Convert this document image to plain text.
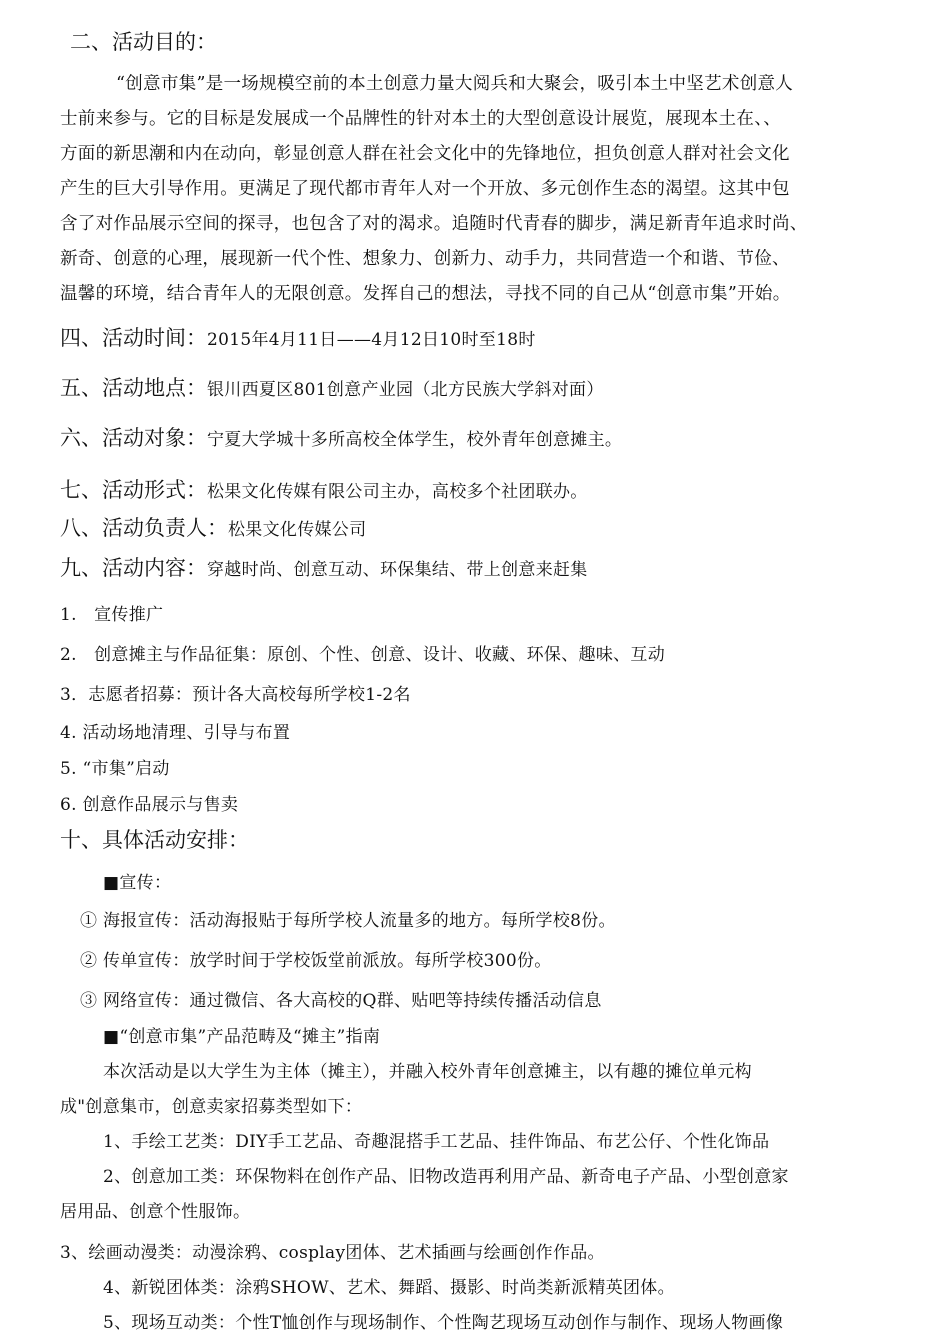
二、活动目的：
“创意市集”是一场规模空前的本土创意力量大阅兵和大聚会，吸引本土中坚艺术创意人
士前来参与。它的目标是发展成一个品牌性的针对本土的大型创意设计展览，展现本土在、、
方面的新思潮和内在动向，彰显创意人群在社会文化中的先锋地位，担负创意人群对社会文化
产生的巨大引导作用。更满足了现代都市青年人对一个开放、多元创作生态的渴望。这其中包
含了对作品展示空间的探寻，也包含了对的渴求。追随时代青春的脚步，满足新青年追求时尚、
新奇、创意的心理，展现新一代个性、想象力、创新力、动手力，共同营造一个和谐、节俭、
温馨的环境，结合青年人的无限创意。发挥自己的想法，寻找不同的自己从“创意市集”开始。
四、活动时间：2015年4月11日——4月12日10时至18时
五、活动地点：银川西夏区801创意产业园（北方民族大学斜对面）
六、活动对象：宁夏大学城十多所高校全体学生，校外青年创意摊主。
七、活动形式：松果文化传媒有限公司主办，高校多个社团联办。
八、活动负责人：松果文化传媒公司
九、活动内容：穿越时尚、创意互动、环保集结、带上创意来赶集
1.　宣传推广
2.　创意摊主与作品征集：原创、个性、创意、设计、收藏、环保、趣味、互动
3．志愿者招募：预计各大高校每所学校1-2名
4. 活动场地清理、引导与布置
5. “市集”启动
6. 创意作品展示与售卖
十、具体活动安排：
■宣传：
① 海报宣传：活动海报贴于每所学校人流量多的地方。每所学校8份。
② 传单宣传：放学时间于学校饭堂前派放。每所学校300份。
③ 网络宣传：通过微信、各大高校的Q群、贴吧等持续传播活动信息
■“创意市集”产品范畴及“摊主”指南
本次活动是以大学生为主体（摊主），并融入校外青年创意摊主，以有趣的摊位单元构
成"创意集市，创意卖家招募类型如下：
1、手绘工艺类：DIY手工艺品、奇趣混搭手工艺品、挂件饰品、布艺公仔、个性化饰品
2、创意加工类：环保物料在创作产品、旧物改造再利用产品、新奇电子产品、小型创意家
居用品、创意个性服饰。
3、绘画动漫类：动漫涂鸦、cosplay团体、艺术插画与绘画创作作品。
4、新锐团体类：涂鸦SHOW、艺术、舞蹈、摄影、时尚类新派精英团体。
5、现场互动类：个性T恤创作与现场制作、个性陶艺现场互动创作与制作、现场人物画像
